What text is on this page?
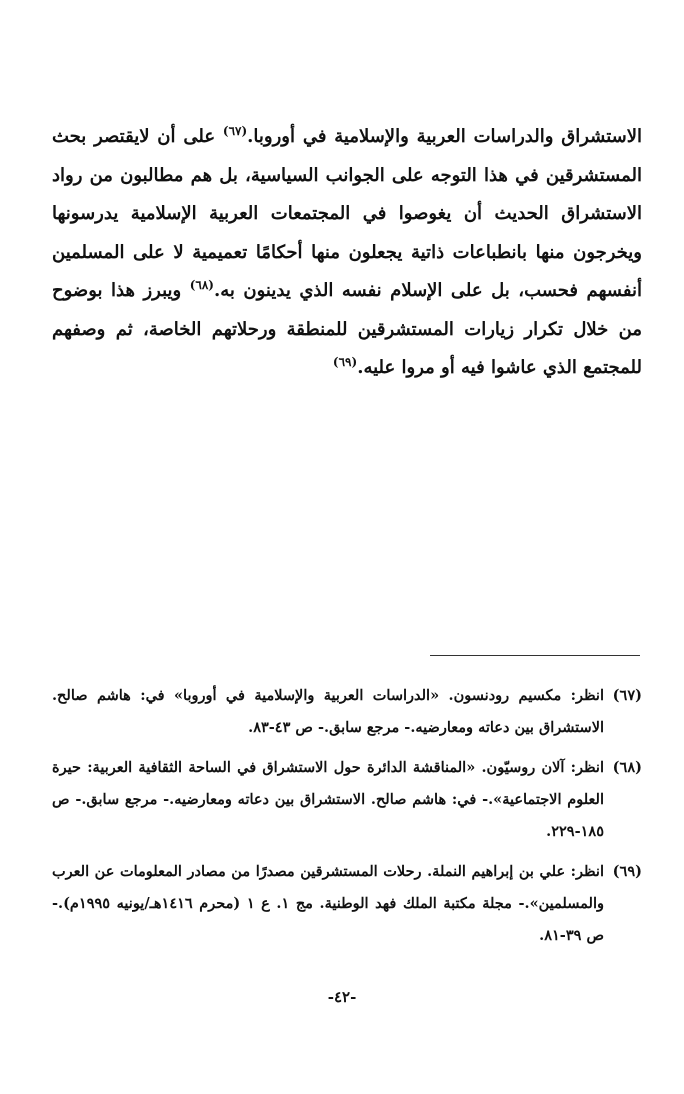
الاستشراق والدراسات العربية والإسلامية في أوروبا.$^{(٦٧)}$ على أن لايقتصر بحث المستشرقين في هذا التوجه على الجوانب السياسية، بل هم مطالبون من رواد الاستشراق الحديث أن يغوصوا في المجتمعات العربية الإسلامية يدرسونها ويخرجون منها بانطباعات ذاتية يجعلون منها أحكامًا تعميمية لا على المسلمين أنفسهم فحسب، بل على الإسلام نفسه الذي يدينون به.$^{(٦٨)}$ ويبرز هذا بوضوح من خلال تكرار زيارات المستشرقين للمنطقة ورحلاتهم الخاصة، ثم وصفهم للمجتمع الذي عاشوا فيه أو مروا عليه.$^{(٦٩)}$
(٦٧)
انظر: مكسيم رودنسون. «الدراسات العربية والإسلامية في أوروبا» في: هاشم صالح. الاستشراق بين دعاته ومعارضيه.- مرجع سابق.- ص ٤٣-٨٣.
(٦٨)
انظر: آلان روسيّون. «المناقشة الدائرة حول الاستشراق في الساحة الثقافية العربية: حيرة العلوم الاجتماعية».- في: هاشم صالح. الاستشراق بين دعاته ومعارضيه.- مرجع سابق.- ص ١٨٥-٢٢٩.
(٦٩)
انظر: علي بن إبراهيم النملة. رحلات المستشرقين مصدرًا من مصادر المعلومات عن العرب والمسلمين».- مجلة مكتبة الملك فهد الوطنية. مج ١. ع ١ (محرم ١٤١٦هـ/يونيه ١٩٩٥م).- ص ٣٩-٨١.
-٤٢-
